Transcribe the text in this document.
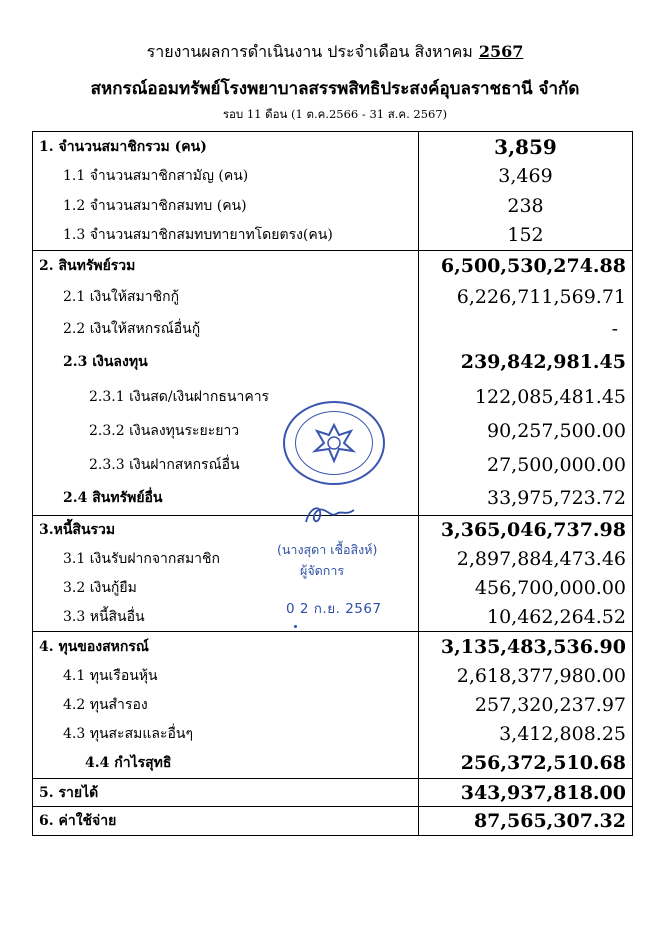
รายงานผลการดำเนินงาน ประจำเดือน สิงหาคม 2567
สหกรณ์ออมทรัพย์โรงพยาบาลสรรพสิทธิประสงค์อุบลราชธานี จำกัด
รอบ 11 ดือน (1 ต.ค.2566 - 31 ส.ค. 2567)
1. จำนวนสมาชิกรวม (คน)	3,859
1.1 จำนวนสมาชิกสามัญ (คน)	3,469
1.2 จำนวนสมาชิกสมทบ (คน)	238
1.3 จำนวนสมาชิกสมทบทายาทโดยตรง(คน)	152
2. สินทรัพย์รวม	6,500,530,274.88
2.1 เงินให้สมาชิกกู้	6,226,711,569.71
2.2 เงินให้สหกรณ์อื่นกู้	-
2.3 เงินลงทุน	239,842,981.45
2.3.1 เงินสด/เงินฝากธนาคาร	122,085,481.45
2.3.2 เงินลงทุนระยะยาว	90,257,500.00
2.3.3 เงินฝากสหกรณ์อื่น	27,500,000.00
2.4 สินทรัพย์อื่น	33,975,723.72
3.หนี้สินรวม	3,365,046,737.98
3.1 เงินรับฝากจากสมาชิก	2,897,884,473.46
3.2 เงินกู้ยืม	456,700,000.00
3.3 หนี้สินอื่น	10,462,264.52
4. ทุนของสหกรณ์	3,135,483,536.90
4.1 ทุนเรือนหุ้น	2,618,377,980.00
4.2 ทุนสำรอง	257,320,237.97
4.3 ทุนสะสมและอื่นๆ	3,412,808.25
4.4 กำไรสุทธิ	256,372,510.68
5. รายได้	343,937,818.00
6. ค่าใช้จ่าย	87,565,307.32
(นางสุดา เชื้อสิงห์)
ผู้จัดการ
0 2 ก.ย. 2567
